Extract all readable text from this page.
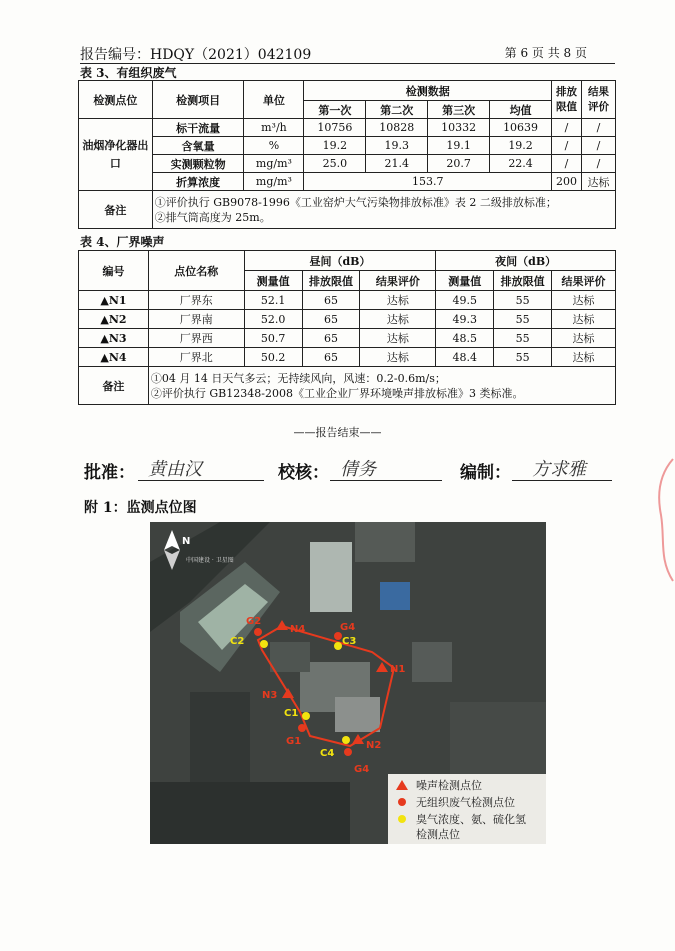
报告编号：HDQY（2021）042109	第 6 页 共 8 页
表 3、有组织废气
检测点位	检测项目	单位	检测数据				排放限值	结果评价
			第一次	第二次	第三次	均值		
油烟净化器出口	标干流量	m³/h	10756	10828	10332	10639	/	/
	含氧量	%	19.2	19.3	19.1	19.2	/	/
	实测颗粒物	mg/m³	25.0	21.4	20.7	22.4	/	/
	折算浓度	mg/m³	153.7				200	达标
备注	①评价执行 GB9078-1996《工业窑炉大气污染物排放标准》表 2 二级排放标准；
②排气筒高度为 25m。							
表 4、厂界噪声
编号	点位名称	昼间（dB）			夜间（dB）		
		测量值	排放限值	结果评价	测量值	排放限值	结果评价
▲N1	厂界东	52.1	65	达标	49.5	55	达标
▲N2	厂界南	52.0	65	达标	49.3	55	达标
▲N3	厂界西	50.7	65	达标	48.5	55	达标
▲N4	厂界北	50.2	65	达标	48.4	55	达标
备注	①04 月 14 日天气多云；无持续风向，风速：0.2-0.6m/s；
②评价执行 GB12348-2008《工业企业厂界环境噪声排放标准》3 类标准。						
——报告结束——
批准： 黄由汉	校核： 倩务	编制： 方求雅
附 1：监测点位图
N
中国建设 · 卫星图
G2
C2
N4	G4
C3
N1
N3
C1
G1
C4
N2
G4
噪声检测点位
无组织废气检测点位
臭气浓度、氨、硫化氢
检测点位
